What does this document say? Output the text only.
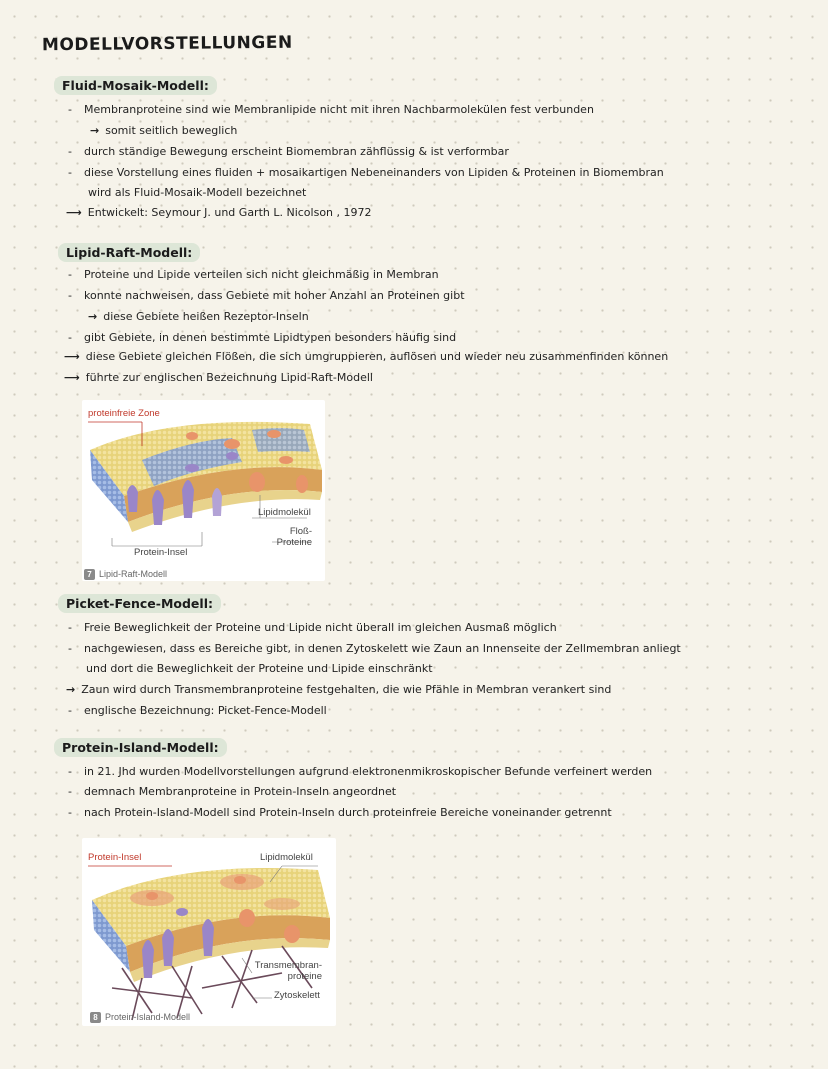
MODELLVORSTELLUNGEN
Fluid-Mosaik-Modell:
- Membranproteine sind wie Membranlipide nicht mit ihren Nachbarmolekülen fest verbunden
→ somit seitlich beweglich
- durch ständige Bewegung erscheint Biomembran zähflüssig & ist verformbar
- diese Vorstellung eines fluiden + mosaikartigen Nebeneinanders von Lipiden & Proteinen in Biomembran
wird als Fluid-Mosaik-Modell bezeichnet
⟶ Entwickelt: Seymour J. und Garth L. Nicolson , 1972
Lipid-Raft-Modell:
- Proteine und Lipide verteilen sich nicht gleichmäßig in Membran
- konnte nachweisen, dass Gebiete mit hoher Anzahl an Proteinen gibt
→ diese Gebiete heißen Rezeptor-Inseln
- gibt Gebiete, in denen bestimmte Lipidtypen besonders häufig sind
⟶ diese Gebiete gleichen Flößen, die sich umgruppieren, auflösen und wieder neu zusammenfinden können
⟶ führte zur englischen Bezeichnung Lipid-Raft-Modell
proteinfreie Zone
Lipidmolekül
Floß-
Proteine
Protein-Insel
7 Lipid-Raft-Modell
Picket-Fence-Modell:
- Freie Beweglichkeit der Proteine und Lipide nicht überall im gleichen Ausmaß möglich
- nachgewiesen, dass es Bereiche gibt, in denen Zytoskelett wie Zaun an Innenseite der Zellmembran anliegt
und dort die Beweglichkeit der Proteine und Lipide einschränkt
→ Zaun wird durch Transmembranproteine festgehalten, die wie Pfähle in Membran verankert sind
- englische Bezeichnung: Picket-Fence-Modell
Protein-Island-Modell:
- in 21. Jhd wurden Modellvorstellungen aufgrund elektronenmikroskopischer Befunde verfeinert werden
- demnach Membranproteine in Protein-Inseln angeordnet
- nach Protein-Island-Modell sind Protein-Inseln durch proteinfreie Bereiche voneinander getrennt
Protein-Insel	Lipidmolekül
Transmembran-
proteine
Zytoskelett
8 Protein-Island-Modell
